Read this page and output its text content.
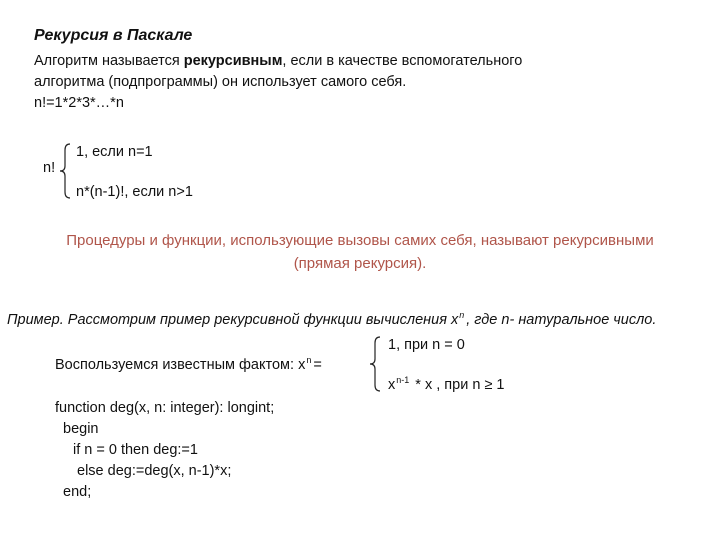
Рекурсия в Паскале
Алгоритм называется рекурсивным, если в качестве вспомогательного
алгоритма (подпрограммы) он использует самого себя.
n!=1*2*3*…*n
n!
1, если n=1
n*(n-1)!, если n>1
Процедуры и функции, использующие вызовы самих себя, называют рекурсивными
(прямая рекурсия).
Пример. Рассмотрим пример рекурсивной функции вычисления $x^n$ , где n- натуральное число.
Воспользуемся известным фактом: $x^n$ =
1, при n = 0
$x^{n-1}$ * x , при n ≥ 1
function deg(x, n: integer): longint;
begin
if n = 0 then deg:=1
else deg:=deg(x, n-1)*x;
end;
